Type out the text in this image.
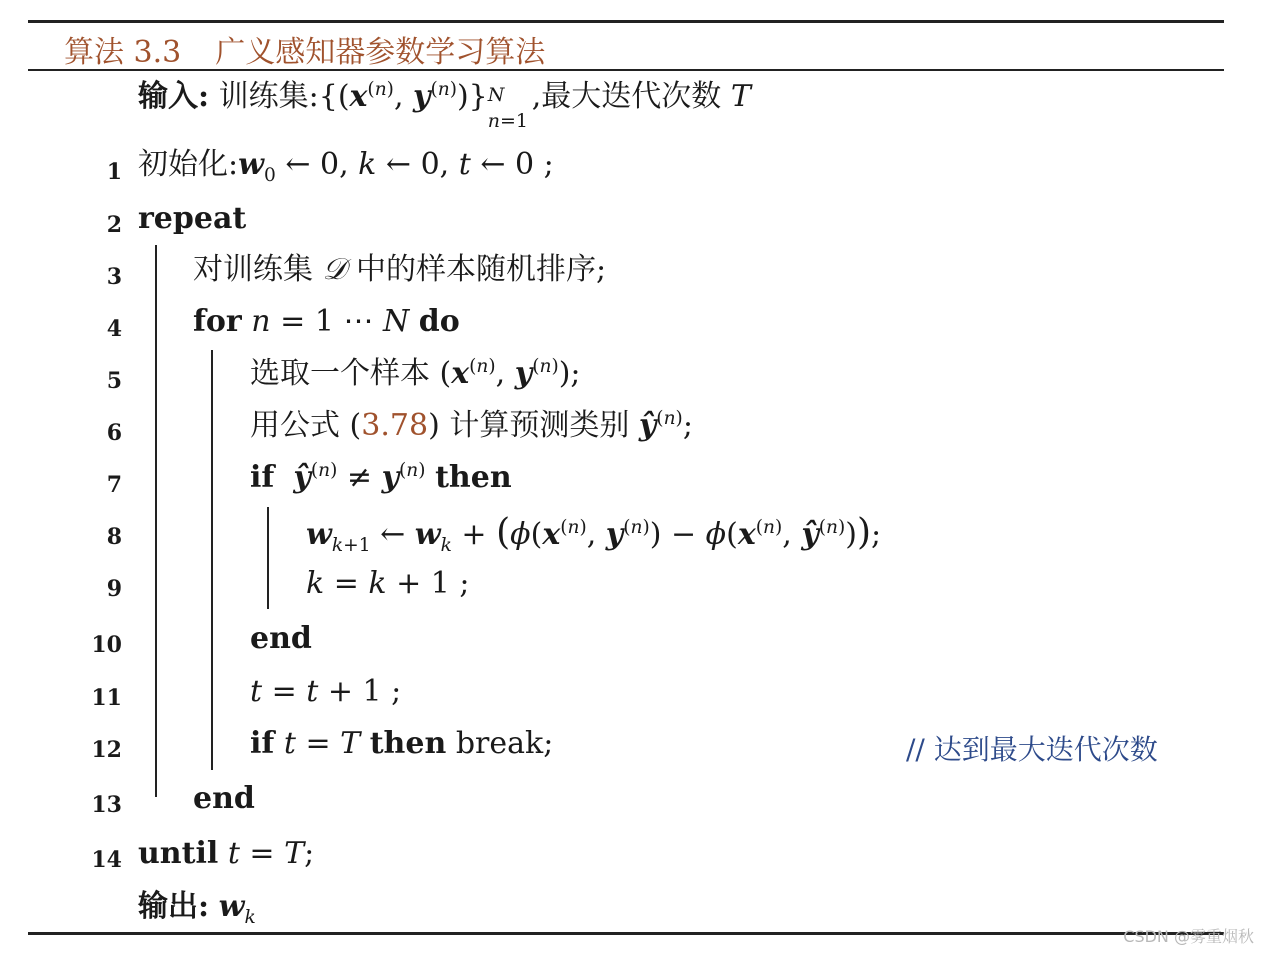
算法 3.3 广义感知器参数学习算法
输入: 训练集$:\{(x^{(n)}$, $y^{(n)}$)} N
n=1
,最大迭代次数 T
1
2
3
4
5
6
7
8
9
10
11
12
13
14
初始化$:w_0$ ← 0, k ← 0, t ← 0 ;
repeat
对训练集 𝒟 中的样本随机排序;
for n = 1 ⋯ N do
选取一个样本 ($x^{(n)}$, $y^{(n)}$);
用公式 (3.78) 计算预测类别 $ŷ^{(n)}$;
if $ŷ^{(n)} \ne y^{(n)}$ then
$w_{k+1}$ ← $w_k + (\phi(x^{(n)}$, $y^{(n)}) - \phi(x^{(n)}$, $ŷ^{(n)}$));
k = k + 1 ;
end
t = t + 1 ;
if t = T then break;	// 达到最大迭代次数
end
until t = T;
输出: $w_k$
CSDN @雾重烟秋
